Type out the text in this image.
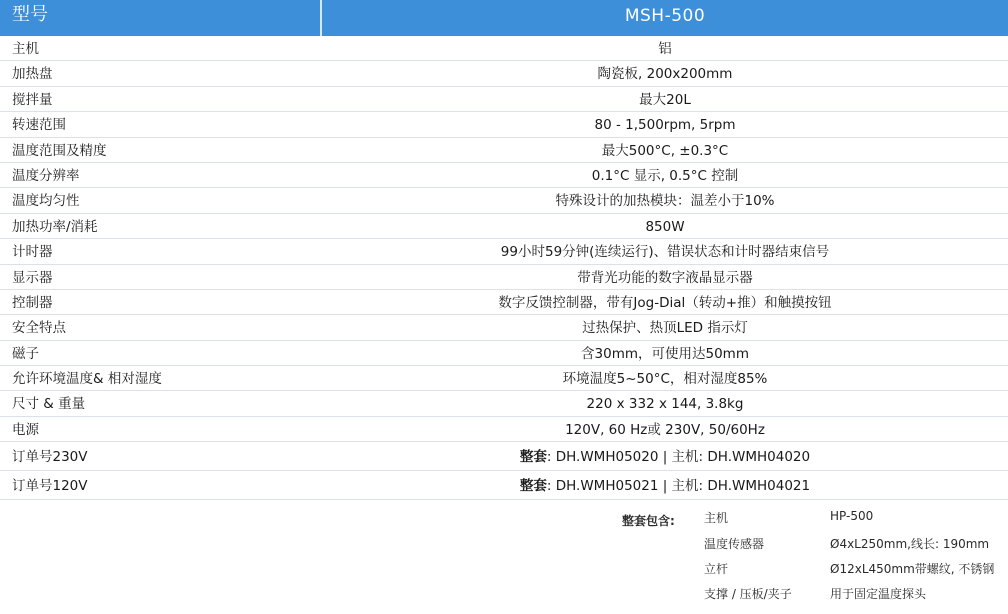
型号	MSH-500
主机	铝
加热盘	陶瓷板, 200x200mm
搅拌量	最大20L
转速范围	80 - 1,500rpm, 5rpm
温度范围及精度	最大500°C, ±0.3°C
温度分辨率	0.1°C 显示, 0.5°C 控制
温度均匀性	特殊设计的加热模块：温差小于10%
加热功率/消耗	850W
计时器	99小时59分钟(连续运行)、错误状态和计时器结束信号
显示器	带背光功能的数字液晶显示器
控制器	数字反馈控制器，带有Jog-Dial（转动+推）和触摸按钮
安全特点	过热保护、热顶LED 指示灯
磁子	含30mm，可使用达50mm
允许环境温度& 相对湿度	环境温度5~50°C，相对湿度85%
尺寸 & 重量	220 x 332 x 144, 3.8kg
电源	120V, 60 Hz或 230V, 50/60Hz
订单号230V	整套: DH.WMH05020 | 主机: DH.WMH04020
订单号120V	整套: DH.WMH05021 | 主机: DH.WMH04021
整套包含: 主机	HP-500
温度传感器	Ø4xL250mm,线长: 190mm
立杆	Ø12xL450mm带螺纹, 不锈钢
支撑 / 压板/夹子	用于固定温度探头
